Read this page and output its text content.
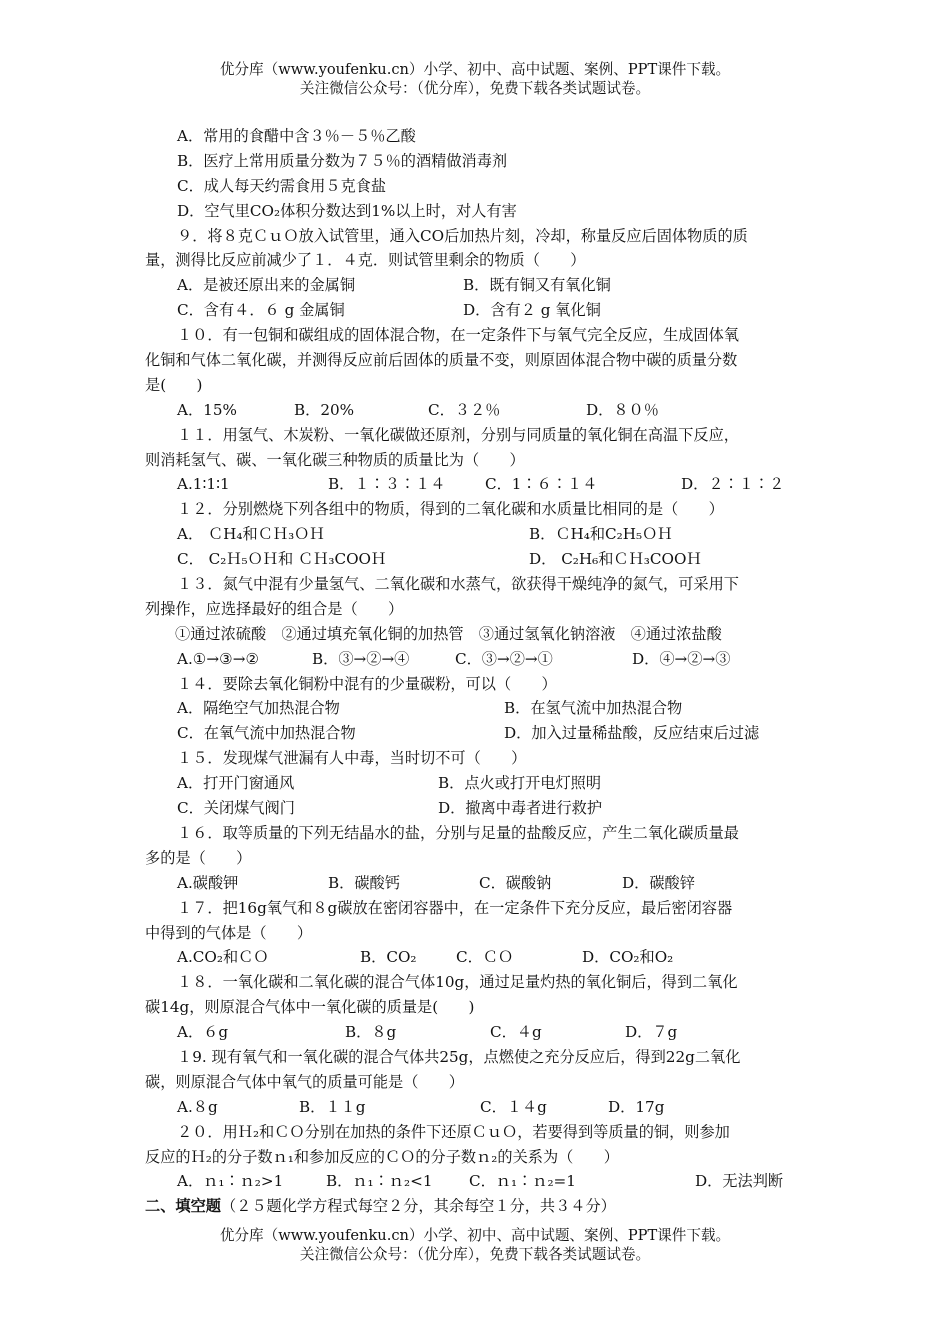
优分库（www.youfenku.cn）小学、初中、高中试题、案例、PPT课件下载。
关注微信公众号：（优分库），免费下载各类试题试卷。
A．常用的食醋中含３％－５％乙酸
B．医疗上常用质量分数为７５％的酒精做消毒剂
C．成人每天约需食用５克食盐
D．空气里CO₂体积分数达到1%以上时，对人有害
９．将８克ＣｕＯ放入试管里，通入CO后加热片刻，冷却，称量反应后固体物质的质
量，测得比反应前减少了１．４克．则试管里剩余的物质（　　）
A．是被还原出来的金属铜	B．既有铜又有氧化铜
C．含有４．６ g 金属铜	D．含有２ g 氧化铜
１０．有一包铜和碳组成的固体混合物，在一定条件下与氧气完全反应，生成固体氧
化铜和气体二氧化碳，并测得反应前后固体的质量不变，则原固体混合物中碳的质量分数
是(　　)
A．15%	B．20%	C．３２％	D．８０％
１１．用氢气、木炭粉、一氧化碳做还原剂，分别与同质量的氧化铜在高温下反应，
则消耗氢气、碳、一氧化碳三种物质的质量比为（　　）
A.1∶1∶1	B．１∶３∶１４	C．1∶６∶１４	D．２∶１∶２
１２．分别燃烧下列各组中的物质，得到的二氧化碳和水质量比相同的是（　　）
A． ＣH₄和ＣＨ₃ＯＨ	B．ＣH₄和C₂H₅ＯＨ
C． C₂Ｈ₅ＯＨ和 ＣＨ₃COOＨ	D． C₂H₆和ＣＨ₃COOＨ
１３．氮气中混有少量氢气、二氧化碳和水蒸气，欲获得干燥纯净的氮气，可采用下
列操作，应选择最好的组合是（　　）
①通过浓硫酸　②通过填充氧化铜的加热管　③通过氢氧化钠溶液　④通过浓盐酸
A.①→③→②	B．③→②→④	C．③→②→①	D．④→②→③
１４．要除去氧化铜粉中混有的少量碳粉，可以（　　）
A．隔绝空气加热混合物	B．在氢气流中加热混合物
C．在氧气流中加热混合物	D．加入过量稀盐酸，反应结束后过滤
１５．发现煤气泄漏有人中毒，当时切不可（　　）
A．打开门窗通风	B．点火或打开电灯照明
C．关闭煤气阀门	D．撤离中毒者进行救护
１６．取等质量的下列无结晶水的盐，分别与足量的盐酸反应，产生二氧化碳质量最
多的是（　　）
A.碳酸钾	B．碳酸钙	C．碳酸钠	D．碳酸锌
１７．把16g氧气和８g碳放在密闭容器中，在一定条件下充分反应，最后密闭容器
中得到的气体是（　　）
A.CO₂和ＣＯ	B．CO₂	C．ＣＯ	D．CO₂和O₂
１８．一氧化碳和二氧化碳的混合气体10g，通过足量灼热的氧化铜后，得到二氧化
碳14g，则原混合气体中一氧化碳的质量是(　　)
A．６g	B．８g	C．４g	D．７g
１9. 现有氧气和一氧化碳的混合气体共25g，点燃使之充分反应后，得到22g二氧化
碳，则原混合气体中氧气的质量可能是（　　）
A.８g	B．１１g	C．１４g	D．17g
２０．用Ｈ₂和ＣＯ分别在加热的条件下还原ＣｕＯ，若要得到等质量的铜，则参加
反应的Ｈ₂的分子数ｎ₁和参加反应的ＣＯ的分子数ｎ₂的关系为（　　）
A．ｎ₁∶ｎ₂>1	B．ｎ₁∶ｎ₂<1	C．ｎ₁∶ｎ₂=1	D．无法判断
二、填空题（２５题化学方程式每空２分，其余每空１分，共３４分）
优分库（www.youfenku.cn）小学、初中、高中试题、案例、PPT课件下载。
关注微信公众号：（优分库），免费下载各类试题试卷。
